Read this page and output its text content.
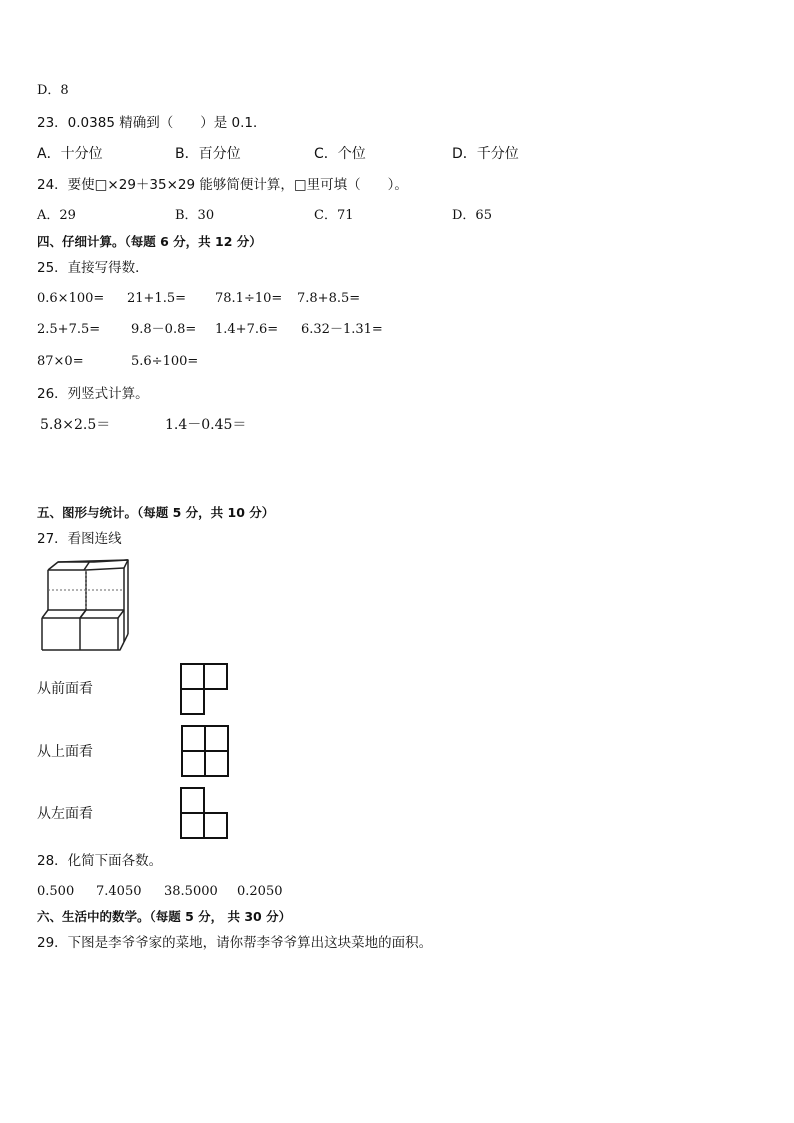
D．8
23．0.0385 精确到（　　）是 0.1．
A．十分位	B．百分位	C．个位	D．千分位
24．要使□×29＋35×29 能够简便计算，□里可填（　　）。
A．29	B．30	C．71	D．65
四、仔细计算。（每题 6 分，共 12 分）
25．直接写得数．
0.6×100= 21+1.5= 78.1÷10= 7.8+8.5=
2.5+7.5= 9.8－0.8= 1.4+7.6= 6.32－1.31=
87×0=	5.6÷100=
26．列竖式计算。
5.8×2.5＝	1.4－0.45＝
五、图形与统计。（每题 5 分，共 10 分）
27．看图连线
从前面看
从上面看
从左面看
28．化简下面各数。
0.500 7.4050 38.5000 0.2050
六、生活中的数学。（每题 5 分， 共 30 分）
29．下图是李爷爷家的菜地，请你帮李爷爷算出这块菜地的面积。
